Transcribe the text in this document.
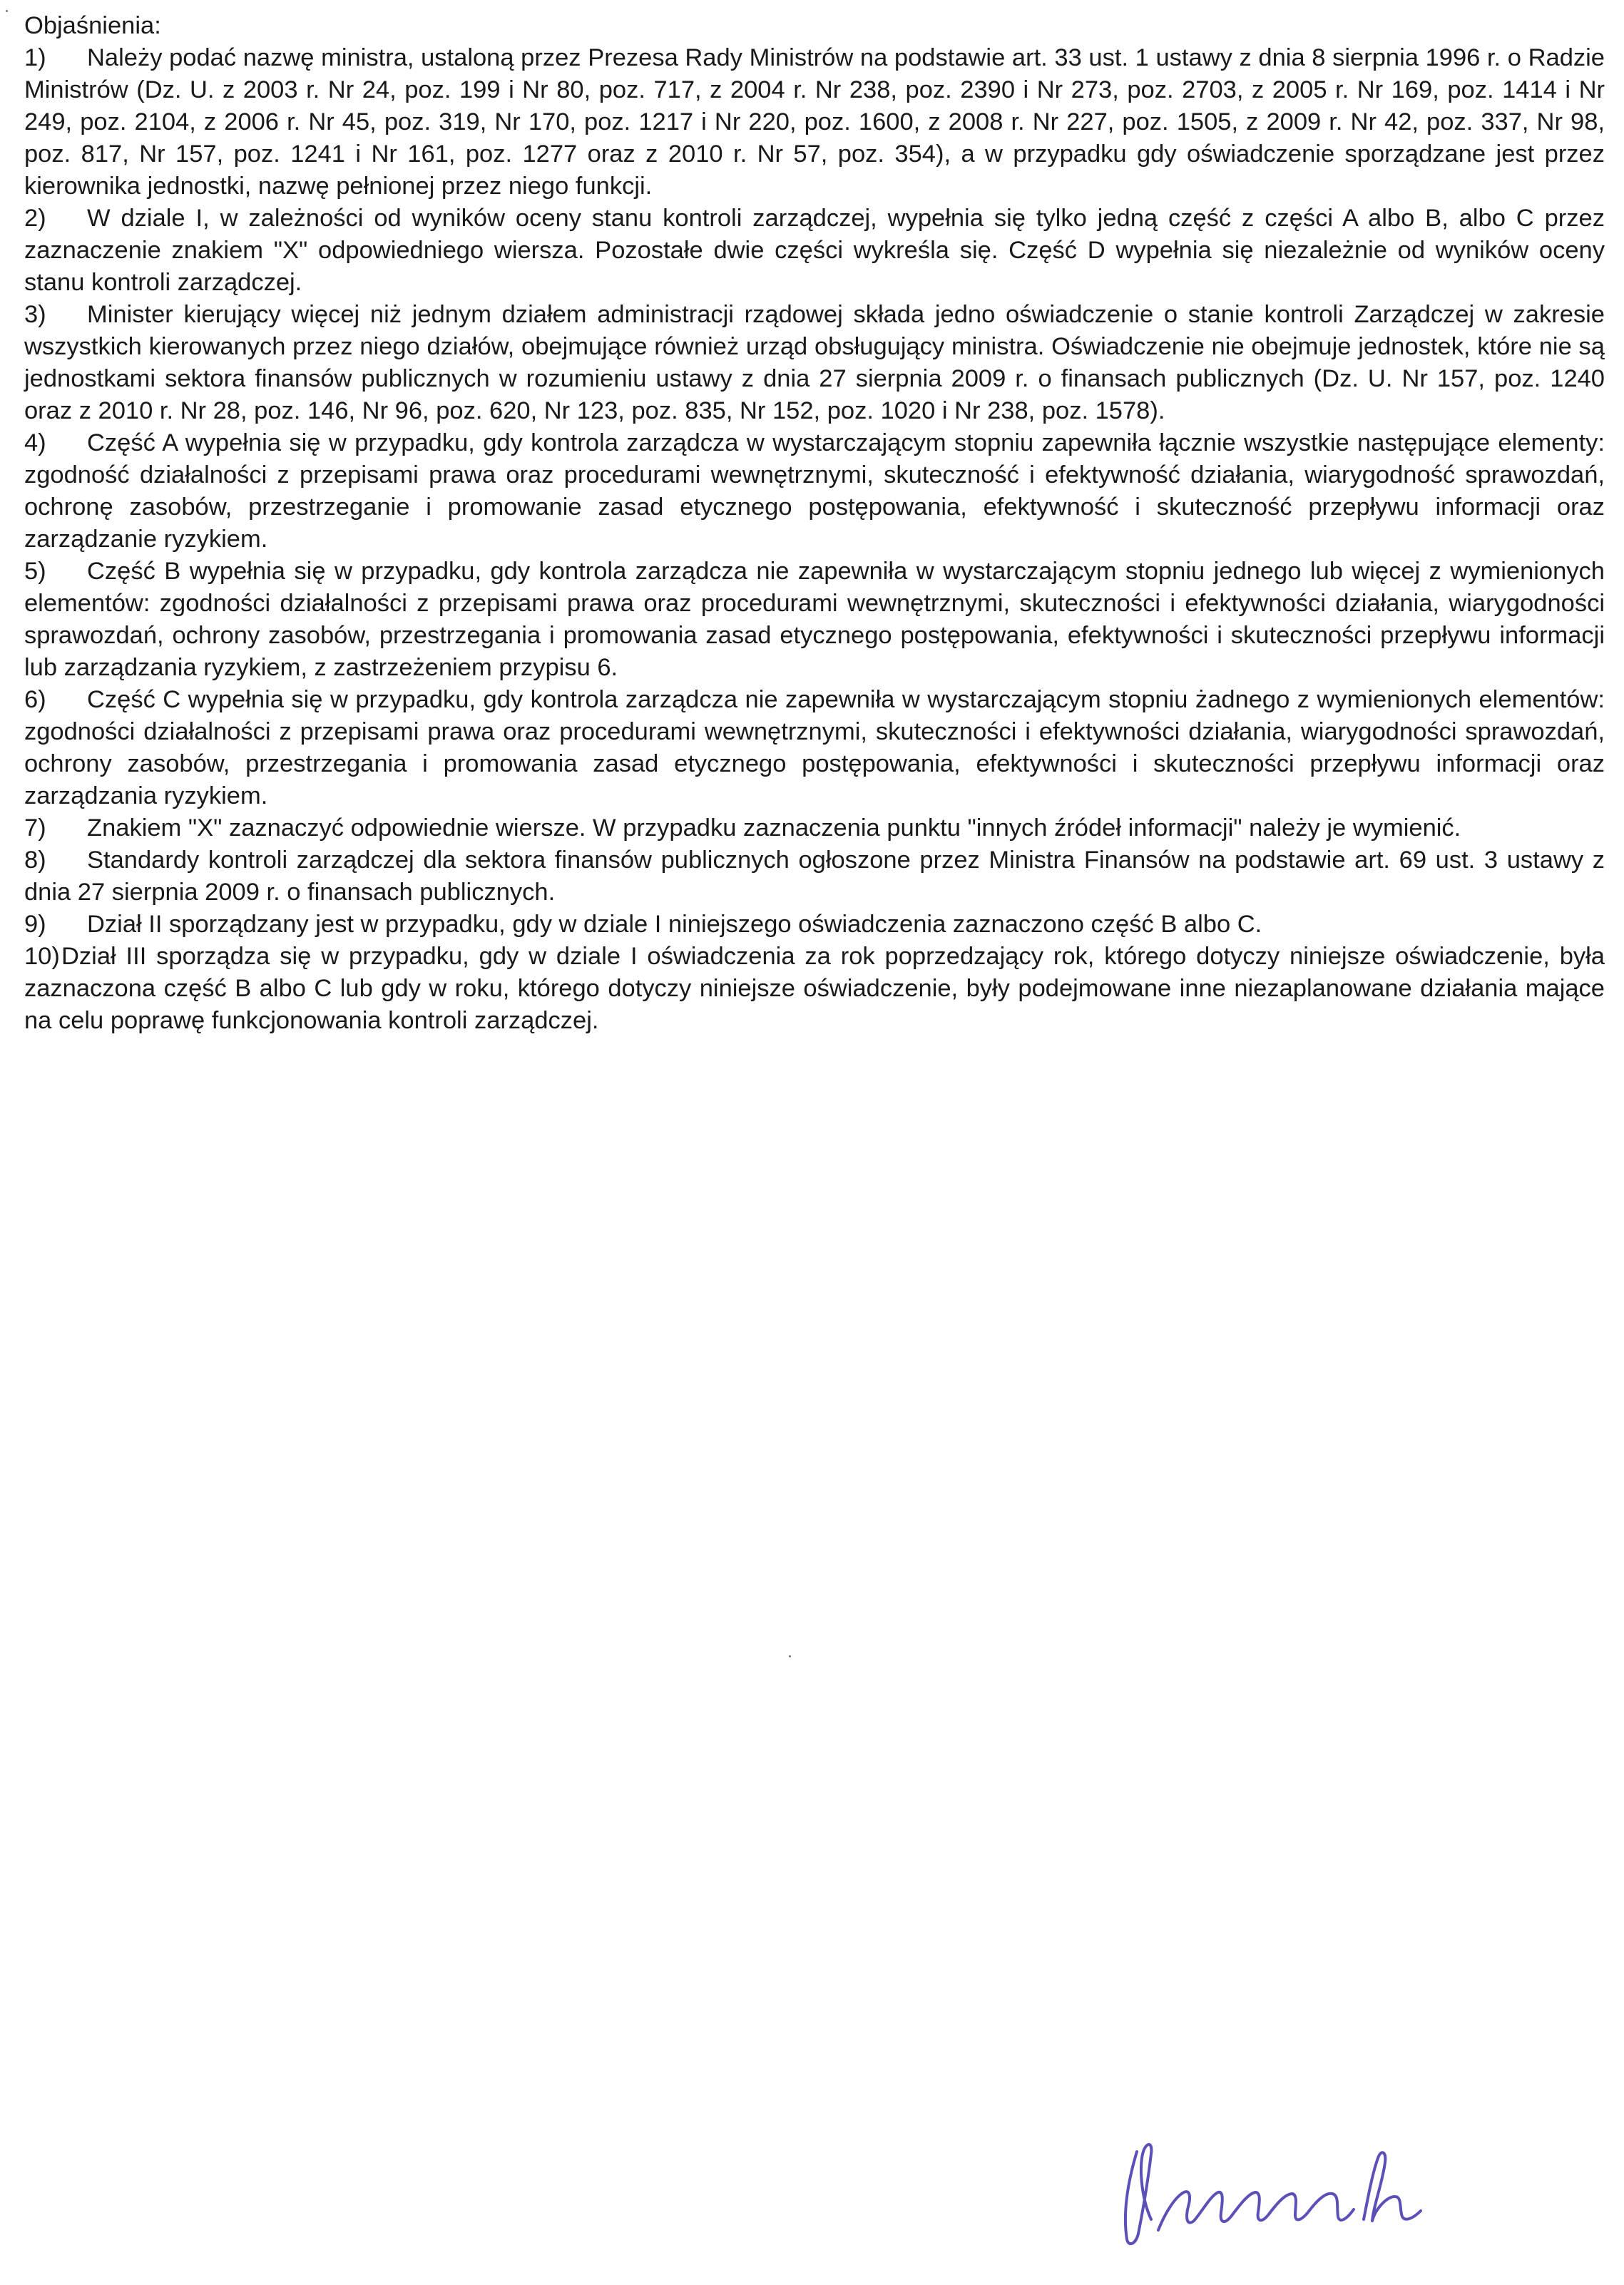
Objaśnienia:

1) Należy podać nazwę ministra, ustaloną przez Prezesa Rady Ministrów na podstawie art. 33 ust. 1 ustawy z dnia 8 sierpnia 1996 r. o Radzie Ministrów (Dz. U. z 2003 r. Nr 24, poz. 199 i Nr 80, poz. 717, z 2004 r. Nr 238, poz. 2390 i Nr 273, poz. 2703, z 2005 r. Nr 169, poz. 1414 i Nr 249, poz. 2104, z 2006 r. Nr 45, poz. 319, Nr 170, poz. 1217 i Nr 220, poz. 1600, z 2008 r. Nr 227, poz. 1505, z 2009 r. Nr 42, poz. 337, Nr 98, poz. 817, Nr 157, poz. 1241 i Nr 161, poz. 1277 oraz z 2010 r. Nr 57, poz. 354), a w przypadku gdy oświadczenie sporządzane jest przez kierownika jednostki, nazwę pełnionej przez niego funkcji.

2) W dziale I, w zależności od wyników oceny stanu kontroli zarządczej, wypełnia się tylko jedną część z części A albo B, albo C przez zaznaczenie znakiem "X" odpowiedniego wiersza. Pozostałe dwie części wykreśla się. Część D wypełnia się niezależnie od wyników oceny stanu kontroli zarządczej.

3) Minister kierujący więcej niż jednym działem administracji rządowej składa jedno oświadczenie o stanie kontroli Zarządczej w zakresie wszystkich kierowanych przez niego działów, obejmujące również urząd obsługujący ministra. Oświadczenie nie obejmuje jednostek, które nie są jednostkami sektora finansów publicznych w rozumieniu ustawy z dnia 27 sierpnia 2009 r. o finansach publicznych (Dz. U. Nr 157, poz. 1240 oraz z 2010 r. Nr 28, poz. 146, Nr 96, poz. 620, Nr 123, poz. 835, Nr 152, poz. 1020 i Nr 238, poz. 1578).

4) Część A wypełnia się w przypadku, gdy kontrola zarządcza w wystarczającym stopniu zapewniła łącznie wszystkie następujące elementy: zgodność działalności z przepisami prawa oraz procedurami wewnętrznymi, skuteczność i efektywność działania, wiarygodność sprawozdań, ochronę zasobów, przestrzeganie i promowanie zasad etycznego postępowania, efektywność i skuteczność przepływu informacji oraz zarządzanie ryzykiem.

5) Część B wypełnia się w przypadku, gdy kontrola zarządcza nie zapewniła w wystarczającym stopniu jednego lub więcej z wymienionych elementów: zgodności działalności z przepisami prawa oraz procedurami wewnętrznymi, skuteczności i efektywności działania, wiarygodności sprawozdań, ochrony zasobów, przestrzegania i promowania zasad etycznego postępowania, efektywności i skuteczności przepływu informacji lub zarządzania ryzykiem, z zastrzeżeniem przypisu 6.

6) Część C wypełnia się w przypadku, gdy kontrola zarządcza nie zapewniła w wystarczającym stopniu żadnego z wymienionych elementów: zgodności działalności z przepisami prawa oraz procedurami wewnętrznymi, skuteczności i efektywności działania, wiarygodności sprawozdań, ochrony zasobów, przestrzegania i promowania zasad etycznego postępowania, efektywności i skuteczności przepływu informacji oraz zarządzania ryzykiem.

7) Znakiem "X" zaznaczyć odpowiednie wiersze. W przypadku zaznaczenia punktu "innych źródeł informacji" należy je wymienić.

8) Standardy kontroli zarządczej dla sektora finansów publicznych ogłoszone przez Ministra Finansów na podstawie art. 69 ust. 3 ustawy z dnia 27 sierpnia 2009 r. o finansach publicznych.

9) Dział II sporządzany jest w przypadku, gdy w dziale I niniejszego oświadczenia zaznaczono część B albo C.

10)Dział III sporządza się w przypadku, gdy w dziale I oświadczenia za rok poprzedzający rok, którego dotyczy niniejsze oświadczenie, była zaznaczona część B albo C lub gdy w roku, którego dotyczy niniejsze oświadczenie, były podejmowane inne niezaplanowane działania mające na celu poprawę funkcjonowania kontroli zarządczej.
